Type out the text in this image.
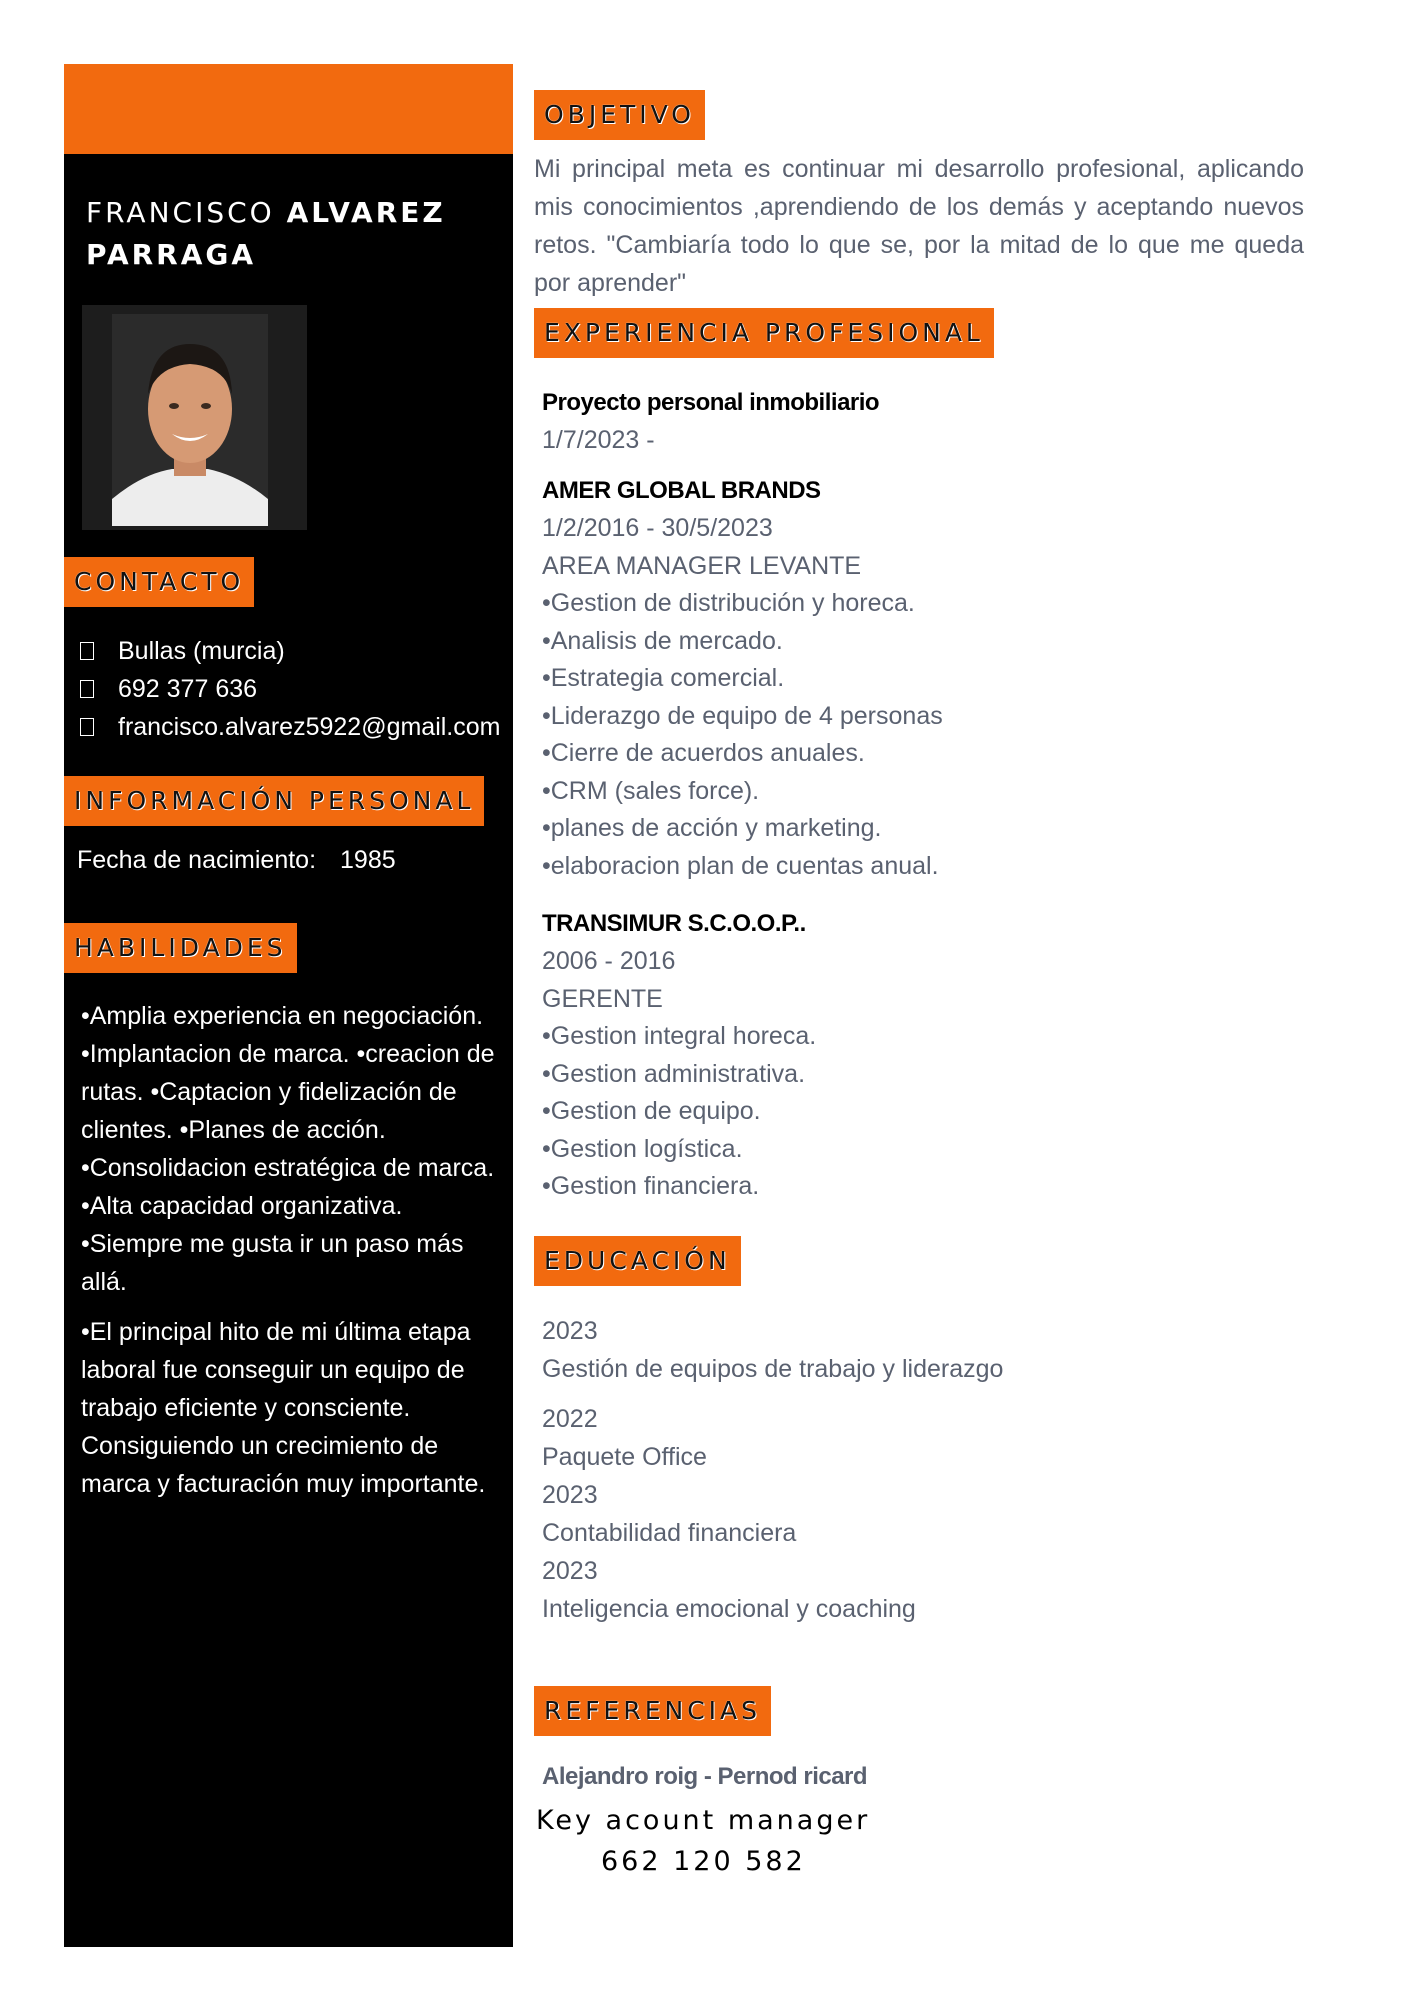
FRANCISCO ALVAREZ
PARRAGA
CONTACTO
Bullas (murcia)
692 377 636
francisco.alvarez5922@gmail.com
INFORMACIÓN PERSONAL
Fecha de nacimiento: 1985
HABILIDADES

•Amplia experiencia en negociación. •Implantacion de marca. •creacion de rutas. •Captacion y fidelización de clientes. •Planes de acción. •Consolidacion estratégica de marca. •Alta capacidad organizativa. •Siempre me gusta ir un paso más allá.

•El principal hito de mi última etapa laboral fue conseguir un equipo de trabajo eficiente y consciente. Consiguiendo un crecimiento de marca y facturación muy importante.

OBJETIVO

Mi principal meta es continuar mi desarrollo profesional, aplicando mis conocimientos ,aprendiendo de los demás y aceptando nuevos retos. "Cambiaría todo lo que se, por la mitad de lo que me queda por aprender"

EXPERIENCIA PROFESIONAL
Proyecto personal inmobiliario
1/7/2023 -
AMER GLOBAL BRANDS
1/2/2016 - 30/5/2023
AREA MANAGER LEVANTE
•Gestion de distribución y horeca.
•Analisis de mercado.
•Estrategia comercial.
•Liderazgo de equipo de 4 personas
•Cierre de acuerdos anuales.
•CRM (sales force).
•planes de acción y marketing.
•elaboracion plan de cuentas anual.
TRANSIMUR S.C.O.O.P..
2006 - 2016
GERENTE
•Gestion integral horeca.
•Gestion administrativa.
•Gestion de equipo.
•Gestion logística.
•Gestion financiera.
EDUCACIÓN
2023
Gestión de equipos de trabajo y liderazgo
2022
Paquete Office
2023
Contabilidad financiera
2023
Inteligencia emocional y coaching
REFERENCIAS
Alejandro roig - Pernod ricard
Key acount manager
662 120 582
